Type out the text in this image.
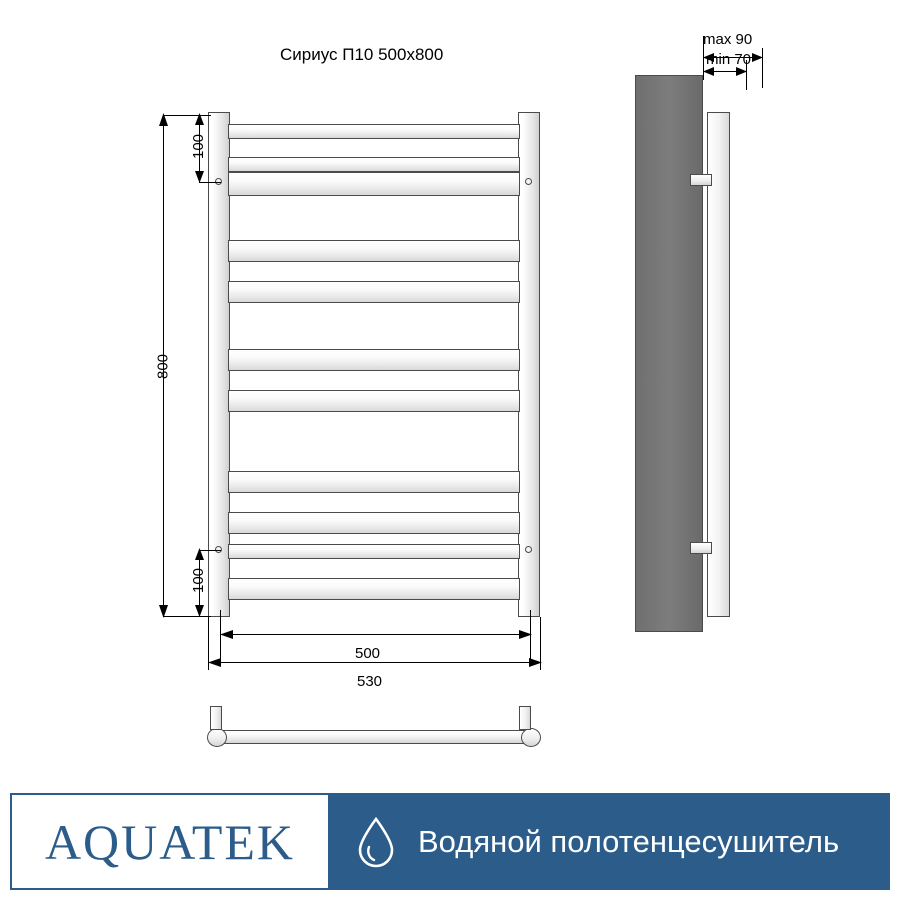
Сириус П10 500x800
800
100
100
500
530
max 90
min 70
AQUATEK	Водяной полотенцесушитель
